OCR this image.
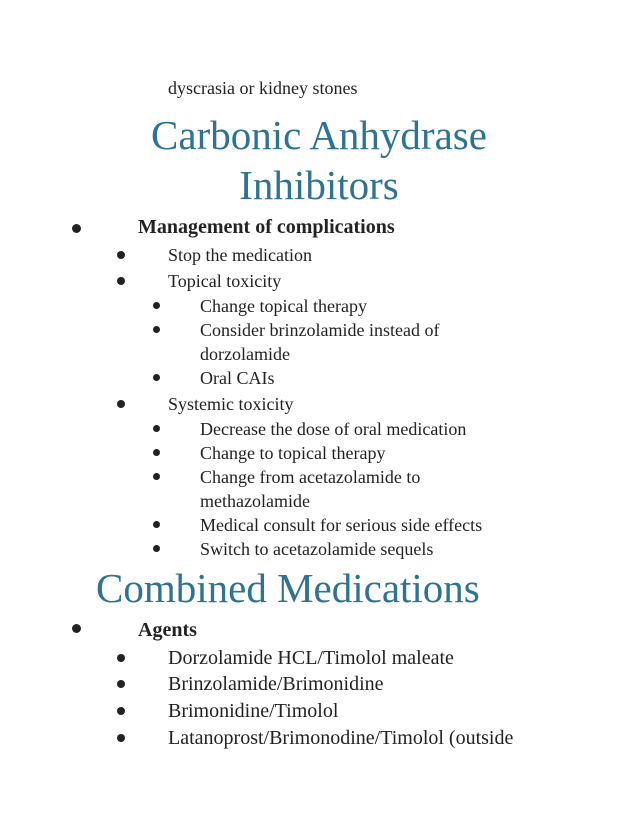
dyscrasia or kidney stones
Carbonic Anhydrase
Inhibitors
Management of complications
Stop the medication
Topical toxicity
Change topical therapy
Consider brinzolamide instead of
dorzolamide
Oral CAIs
Systemic toxicity
Decrease the dose of oral medication
Change to topical therapy
Change from acetazolamide to
methazolamide
Medical consult for serious side effects
Switch to acetazolamide sequels
Combined Medications
Agents
Dorzolamide HCL/Timolol maleate
Brinzolamide/Brimonidine
Brimonidine/Timolol
Latanoprost/Brimonodine/Timolol (outside
